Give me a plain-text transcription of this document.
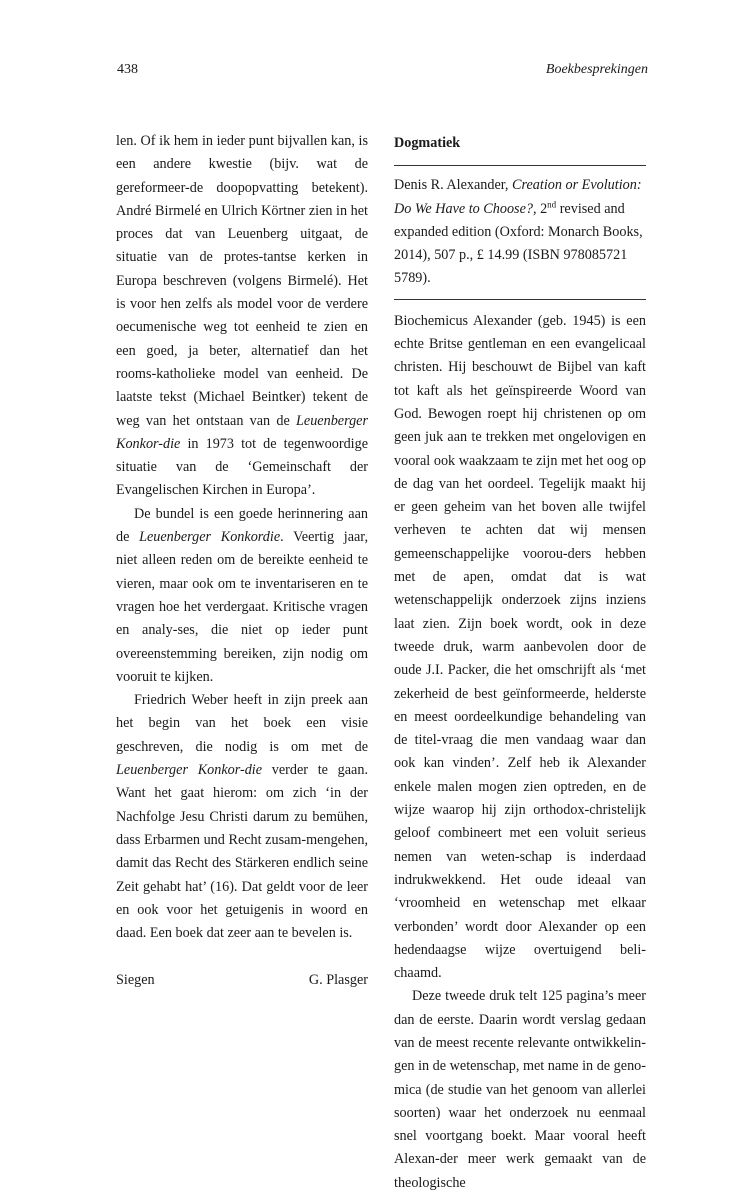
438	Boekbesprekingen

len. Of ik hem in ieder punt bijvallen kan, is een andere kwestie (bijv. wat de gereformeer-de doopopvatting betekent). André Birmelé en Ulrich Körtner zien in het proces dat van Leuenberg uitgaat, de situatie van de protes-tantse kerken in Europa beschreven (volgens Birmelé). Het is voor hen zelfs als model voor de verdere oecumenische weg tot eenheid te zien en een goed, ja beter, alternatief dan het rooms-katholieke model van eenheid. De laatste tekst (Michael Beintker) tekent de weg van het ontstaan van de Leuenberger Konkor-die in 1973 tot de tegenwoordige situatie van de ‘Gemeinschaft der Evangelischen Kirchen in Europa’.

De bundel is een goede herinnering aan de Leuenberger Konkordie. Veertig jaar, niet alleen reden om de bereikte eenheid te vieren, maar ook om te inventariseren en te vragen hoe het verdergaat. Kritische vragen en analy-ses, die niet op ieder punt overeenstemming bereiken, zijn nodig om vooruit te kijken.

Friedrich Weber heeft in zijn preek aan het begin van het boek een visie geschreven, die nodig is om met de Leuenberger Konkor-die verder te gaan. Want het gaat hierom: om zich ‘in der Nachfolge Jesu Christi darum zu bemühen, dass Erbarmen und Recht zusam-mengehen, damit das Recht des Stärkeren endlich seine Zeit gehabt hat’ (16). Dat geldt voor de leer en ook voor het getuigenis in woord en daad. Een boek dat zeer aan te bevelen is.

Siegen	G. Plasger
Dogmatiek

Denis R. Alexander, Creation or Evolution: Do We Have to Choose?, 2nd revised and expanded edition (Oxford: Monarch Books, 2014), 507 p., £ 14.99 (ISBN 978085721 5789).

Biochemicus Alexander (geb. 1945) is een echte Britse gentleman en een evangelicaal christen. Hij beschouwt de Bijbel van kaft tot kaft als het geïnspireerde Woord van God. Bewogen roept hij christenen op om geen juk aan te trekken met ongelovigen en vooral ook waakzaam te zijn met het oog op de dag van het oordeel. Tegelijk maakt hij er geen geheim van het boven alle twijfel verheven te achten dat wij mensen gemeenschappelijke voorou-ders hebben met de apen, omdat dat is wat wetenschappelijk onderzoek zijns inziens laat zien. Zijn boek wordt, ook in deze tweede druk, warm aanbevolen door de oude J.I. Packer, die het omschrijft als ‘met zekerheid de best geïnformeerde, helderste en meest oordeelkundige behandeling van de titel-vraag die men vandaag waar dan ook kan vinden’. Zelf heb ik Alexander enkele malen mogen zien optreden, en de wijze waarop hij zijn orthodox-christelijk geloof combineert met een voluit serieus nemen van weten-schap is inderdaad indrukwekkend. Het oude ideaal van ‘vroomheid en wetenschap met elkaar verbonden’ wordt door Alexander op een hedendaagse wijze overtuigend beli-chaamd.

Deze tweede druk telt 125 pagina’s meer dan de eerste. Daarin wordt verslag gedaan van de meest recente relevante ontwikkelin-gen in de wetenschap, met name in de geno-mica (de studie van het genoom van allerlei soorten) waar het onderzoek nu eenmaal snel voortgang boekt. Maar vooral heeft Alexan-der meer werk gemaakt van de theologische
